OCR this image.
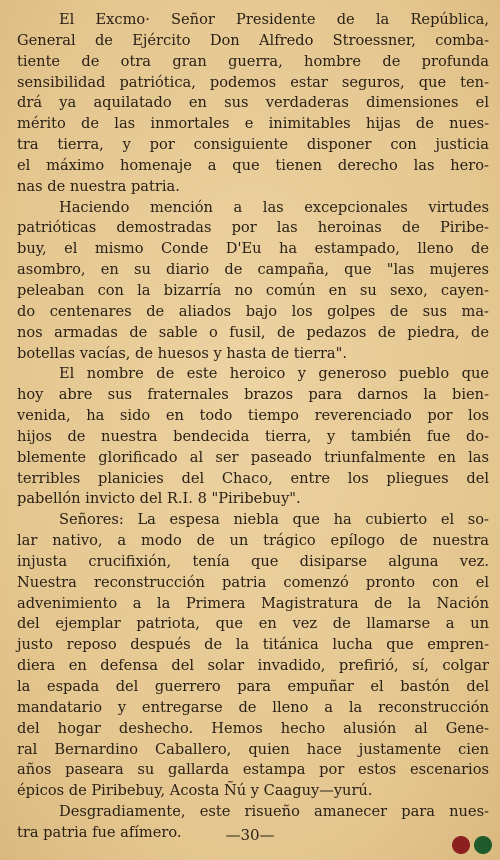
El Excmo· Señor Presidente de la República,
General de Ejército Don Alfredo Stroessner, comba-
tiente de otra gran guerra, hombre de profunda
sensibilidad patriótica, podemos estar seguros, que ten-
drá ya aquilatado en sus verdaderas dimensiones el
mérito de las inmortales e inimitables hijas de nues-
tra tierra, y por consiguiente disponer con justicia
el máximo homenaje a que tienen derecho las hero-
nas de nuestra patria.
Haciendo mención a las excepcionales virtudes
patrióticas demostradas por las heroinas de Piribe-
buy, el mismo Conde D'Eu ha estampado, lleno de
asombro, en su diario de campaña, que "las mujeres
peleaban con la bizarría no común en su sexo, cayen-
do centenares de aliados bajo los golpes de sus ma-
nos armadas de sable o fusil, de pedazos de piedra, de
botellas vacías, de huesos y hasta de tierra".
El nombre de este heroico y generoso pueblo que
hoy abre sus fraternales brazos para darnos la bien-
venida, ha sido en todo tiempo reverenciado por los
hijos de nuestra bendecida tierra, y también fue do-
blemente glorificado al ser paseado triunfalmente en las
terribles planicies del Chaco, entre los pliegues del
pabellón invicto del R.I. 8 "Piribebuy".
Señores: La espesa niebla que ha cubierto el so-
lar nativo, a modo de un trágico epílogo de nuestra
injusta crucifixión, tenía que disiparse alguna vez.
Nuestra reconstrucción patria comenzó pronto con el
advenimiento a la Primera Magistratura de la Nación
del ejemplar patriota, que en vez de llamarse a un
justo reposo después de la titánica lucha que empren-
diera en defensa del solar invadido, prefirió, sí, colgar
la espada del guerrero para empuñar el bastón del
mandatario y entregarse de lleno a la reconstrucción
del hogar deshecho. Hemos hecho alusión al Gene-
ral Bernardino Caballero, quien hace justamente cien
años paseara su gallarda estampa por estos escenarios
épicos de Piribebuy, Acosta Ñú y Caaguy—yurú.
Desgradiamente, este risueño amanecer para nues-
tra patria fue afímero.	—30—
